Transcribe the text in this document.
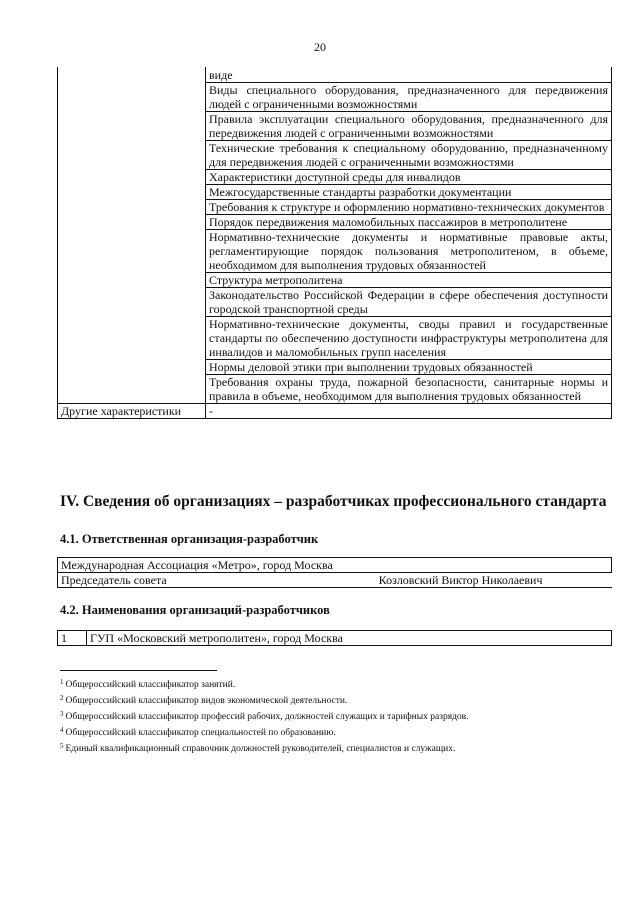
20
	виде
	Виды специального оборудования, предназначенного для передвижения людей с ограниченными возможностями
	Правила эксплуатации специального оборудования, предназначенного для передвижения людей с ограниченными возможностями
	Технические требования к специальному оборудованию, предназначенному для передвижения людей с ограниченными возможностями
	Характеристики доступной среды для инвалидов
	Межгосударственные стандарты разработки документации
	Требования к структуре и оформлению нормативно-технических документов
	Порядок передвижения маломобильных пассажиров в метрополитене
	Нормативно-технические документы и нормативные правовые акты, регламентирующие порядок пользования метрополитеном, в объеме, необходимом для выполнения трудовых обязанностей
	Структура метрополитена
	Законодательство Российской Федерации в сфере обеспечения доступности городской транспортной среды
	Нормативно-технические документы, своды правил и государственные стандарты по обеспечению доступности инфраструктуры метрополитена для инвалидов и маломобильных групп населения
	Нормы деловой этики при выполнении трудовых обязанностей
	Требования охраны труда, пожарной безопасности, санитарные нормы и правила в объеме, необходимом для выполнения трудовых обязанностей
Другие характеристики	-
IV. Сведения об организациях – разработчиках профессионального стандарта
4.1. Ответственная организация-разработчик
Международная Ассоциация «Метро», город Москва

Председатель совета	Козловский Виктор Николаевич
4.2. Наименования организаций-разработчиков
1	ГУП «Московский метрополитен», город Москва
$^1$ Общероссийский классификатор занятий.
$^2$ Общероссийский классификатор видов экономической деятельности.
$^3$ Общероссийский классификатор профессий рабочих, должностей служащих и тарифных разрядов.
$^4$ Общероссийский классификатор специальностей по образованию.
$^5$ Единый квалификационный справочник должностей руководителей, специалистов и служащих.
